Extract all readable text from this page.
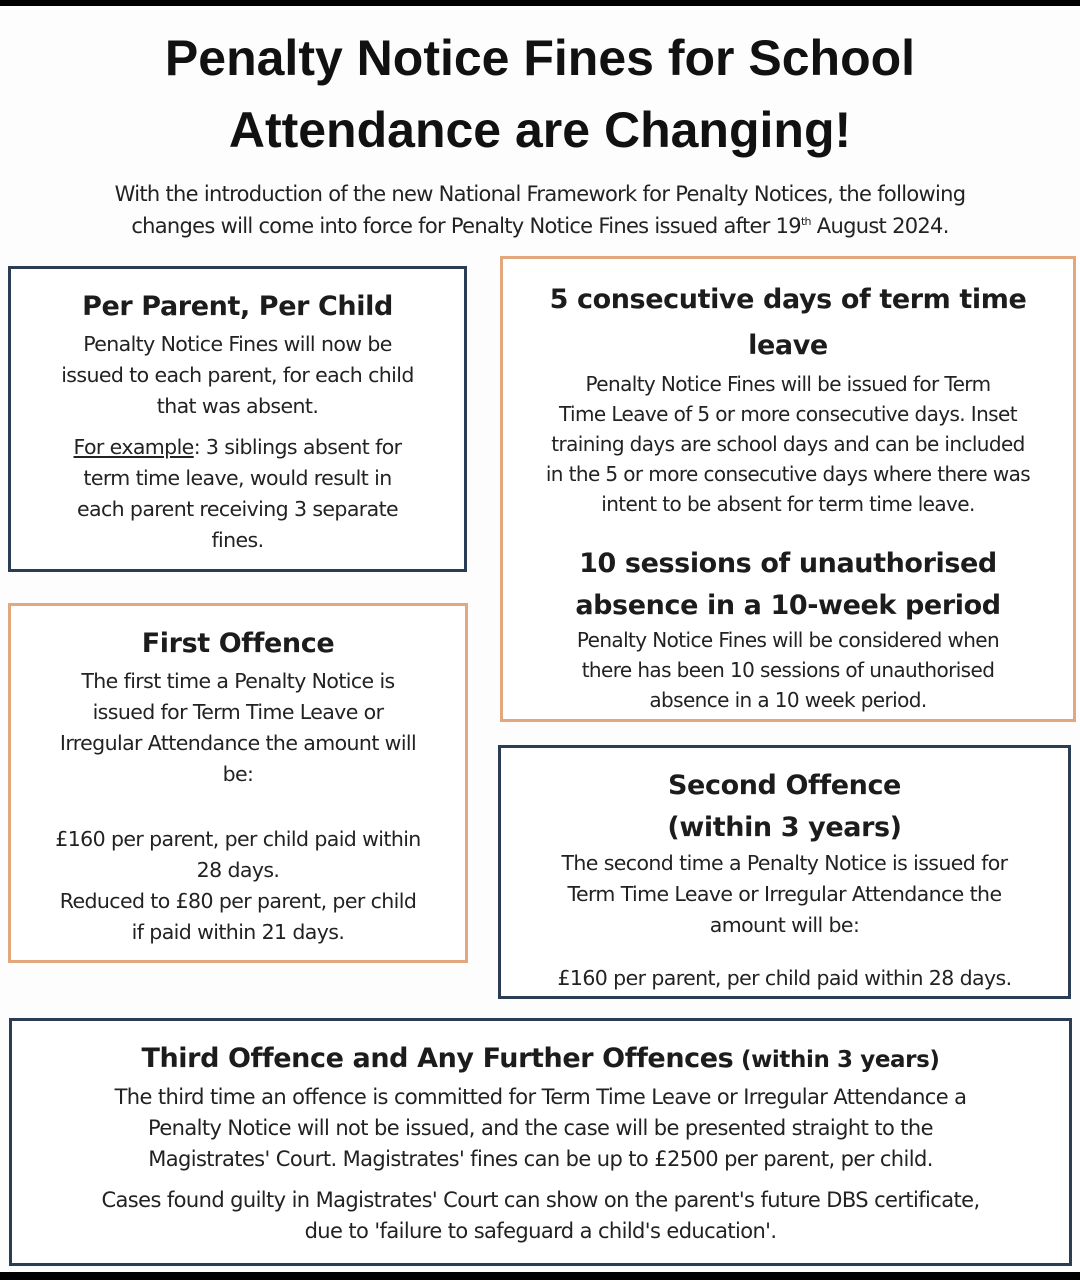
Penalty Notice Fines for School
Attendance are Changing!
With the introduction of the new National Framework for Penalty Notices, the following
changes will come into force for Penalty Notice Fines issued after 19th August 2024.
Per Parent, Per Child

Penalty Notice Fines will now be

issued to each parent, for each child

that was absent.

For example: 3 siblings absent for

term time leave, would result in

each parent receiving 3 separate

fines.

5 consecutive days of term time
leave

Penalty Notice Fines will be issued for Term

Time Leave of 5 or more consecutive days. Inset

training days are school days and can be included

in the 5 or more consecutive days where there was

intent to be absent for term time leave.

10 sessions of unauthorised
absence in a 10-week period

Penalty Notice Fines will be considered when

there has been 10 sessions of unauthorised

absence in a 10 week period.

First Offence

The first time a Penalty Notice is

issued for Term Time Leave or

Irregular Attendance the amount will

be:

£160 per parent, per child paid within

28 days.

Reduced to £80 per parent, per child

if paid within 21 days.

Second Offence
(within 3 years)

The second time a Penalty Notice is issued for

Term Time Leave or Irregular Attendance the

amount will be:

£160 per parent, per child paid within 28 days.

Third Offence and Any Further Offences (within 3 years)

The third time an offence is committed for Term Time Leave or Irregular Attendance a

Penalty Notice will not be issued, and the case will be presented straight to the

Magistrates' Court. Magistrates' fines can be up to £2500 per parent, per child.

Cases found guilty in Magistrates' Court can show on the parent's future DBS certificate,

due to 'failure to safeguard a child's education'.
